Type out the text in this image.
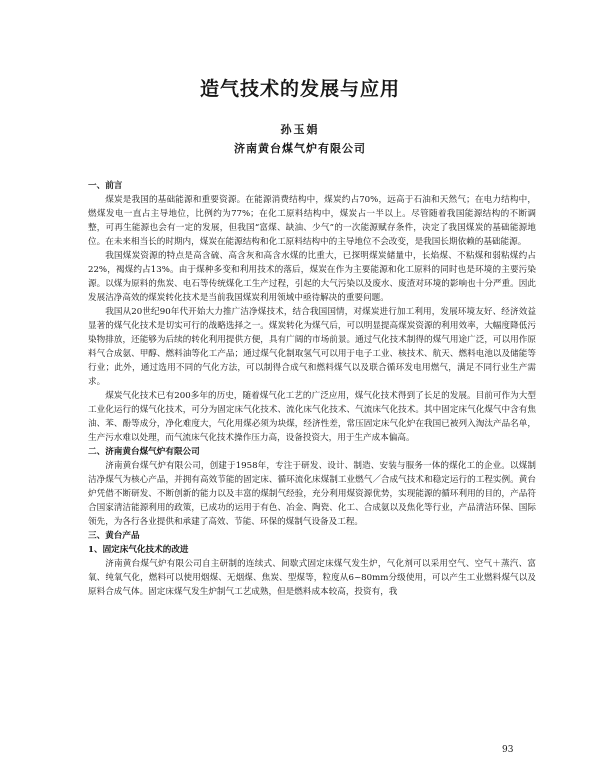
造气技术的发展与应用
孙玉娟
济南黄台煤气炉有限公司
一、前言

煤炭是我国的基础能源和重要资源。在能源消费结构中，煤炭约占70%，远高于石油和天然气；在电力结构中，燃煤发电一直占主导地位，比例约为77%；在化工原料结构中，煤炭占一半以上。尽管随着我国能源结构的不断调整，可再生能源也会有一定的发展，但我国“富煤、缺油、少气”的一次能源赋存条件，决定了我国煤炭的基础能源地位。在未来相当长的时期内，煤炭在能源结构和化工原料结构中的主导地位不会改变，是我国长期依赖的基础能源。

我国煤炭资源的特点是高含硫、高含灰和高含水煤的比重大，已探明煤炭储量中，长焰煤、不粘煤和弱粘煤约占22%，褐煤约占13%。由于煤种多变和利用技术的落后，煤炭在作为主要能源和化工原料的同时也是环境的主要污染源。以煤为原料的焦炭、电石等传统煤化工生产过程，引起的大气污染以及废水、废渣对环境的影响也十分严重。因此发展洁净高效的煤炭转化技术是当前我国煤炭利用领域中亟待解决的重要问题。

我国从20世纪90年代开始大力推广洁净煤技术，结合我国国情，对煤炭进行加工利用，发展环境友好、经济效益显著的煤气化技术是切实可行的战略选择之一。煤炭转化为煤气后，可以明显提高煤炭资源的利用效率，大幅度降低污染物排放，还能够为后续的转化利用提供方便，具有广阔的市场前景。通过气化技术制得的煤气用途广泛，可以用作原料气合成氨、甲醇、燃料油等化工产品；通过煤气化制取氢气可以用于电子工业、核技术、航天、燃料电池以及储能等行业；此外，通过选用不同的气化方法，可以制得合成气和燃料煤气以及联合循环发电用燃气，满足不同行业生产需求。

煤炭气化技术已有200多年的历史，随着煤气化工艺的广泛应用，煤气化技术得到了长足的发展。目前可作为大型工业化运行的煤气化技术，可分为固定床气化技术、流化床气化技术、气流床气化技术。其中固定床气化煤气中含有焦油、苯、酚等成分，净化难度大，气化用煤必须为块煤，经济性差，常压固定床气化炉在我国已被列入淘汰产品名单，生产污水难以处理，而气流床气化技术操作压力高，设备投资大，用于生产成本偏高。

二、济南黄台煤气炉有限公司

济南黄台煤气炉有限公司，创建于1958年，专注于研发、设计、制造、安装与服务一体的煤化工的企业。以煤制洁净煤气为核心产品，并拥有高效节能的固定床、循环流化床煤制工业燃气／合成气技术和稳定运行的工程实例。黄台炉凭借不断研发、不断创新的能力以及丰富的煤制气经验，充分利用煤资源优势，实现能源的循环利用的目的，产品符合国家清洁能源利用的政策，已成功的运用于有色、冶金、陶瓷、化工、合成氨以及焦化等行业，产品清洁环保、国际领先，为各行各业提供和承建了高效、节能、环保的煤制气设备及工程。

三、黄台产品
1、固定床气化技术的改进

济南黄台煤气炉有限公司自主研制的连续式、间歇式固定床煤气发生炉，气化剂可以采用空气、空气＋蒸汽、富氧、纯氧气化，燃料可以使用烟煤、无烟煤、焦炭、型煤等，粒度从6~80mm分级使用，可以产生工业燃料煤气以及原料合成气体。固定床煤气发生炉制气工艺成熟，但是燃料成本较高，投资有，我

93
